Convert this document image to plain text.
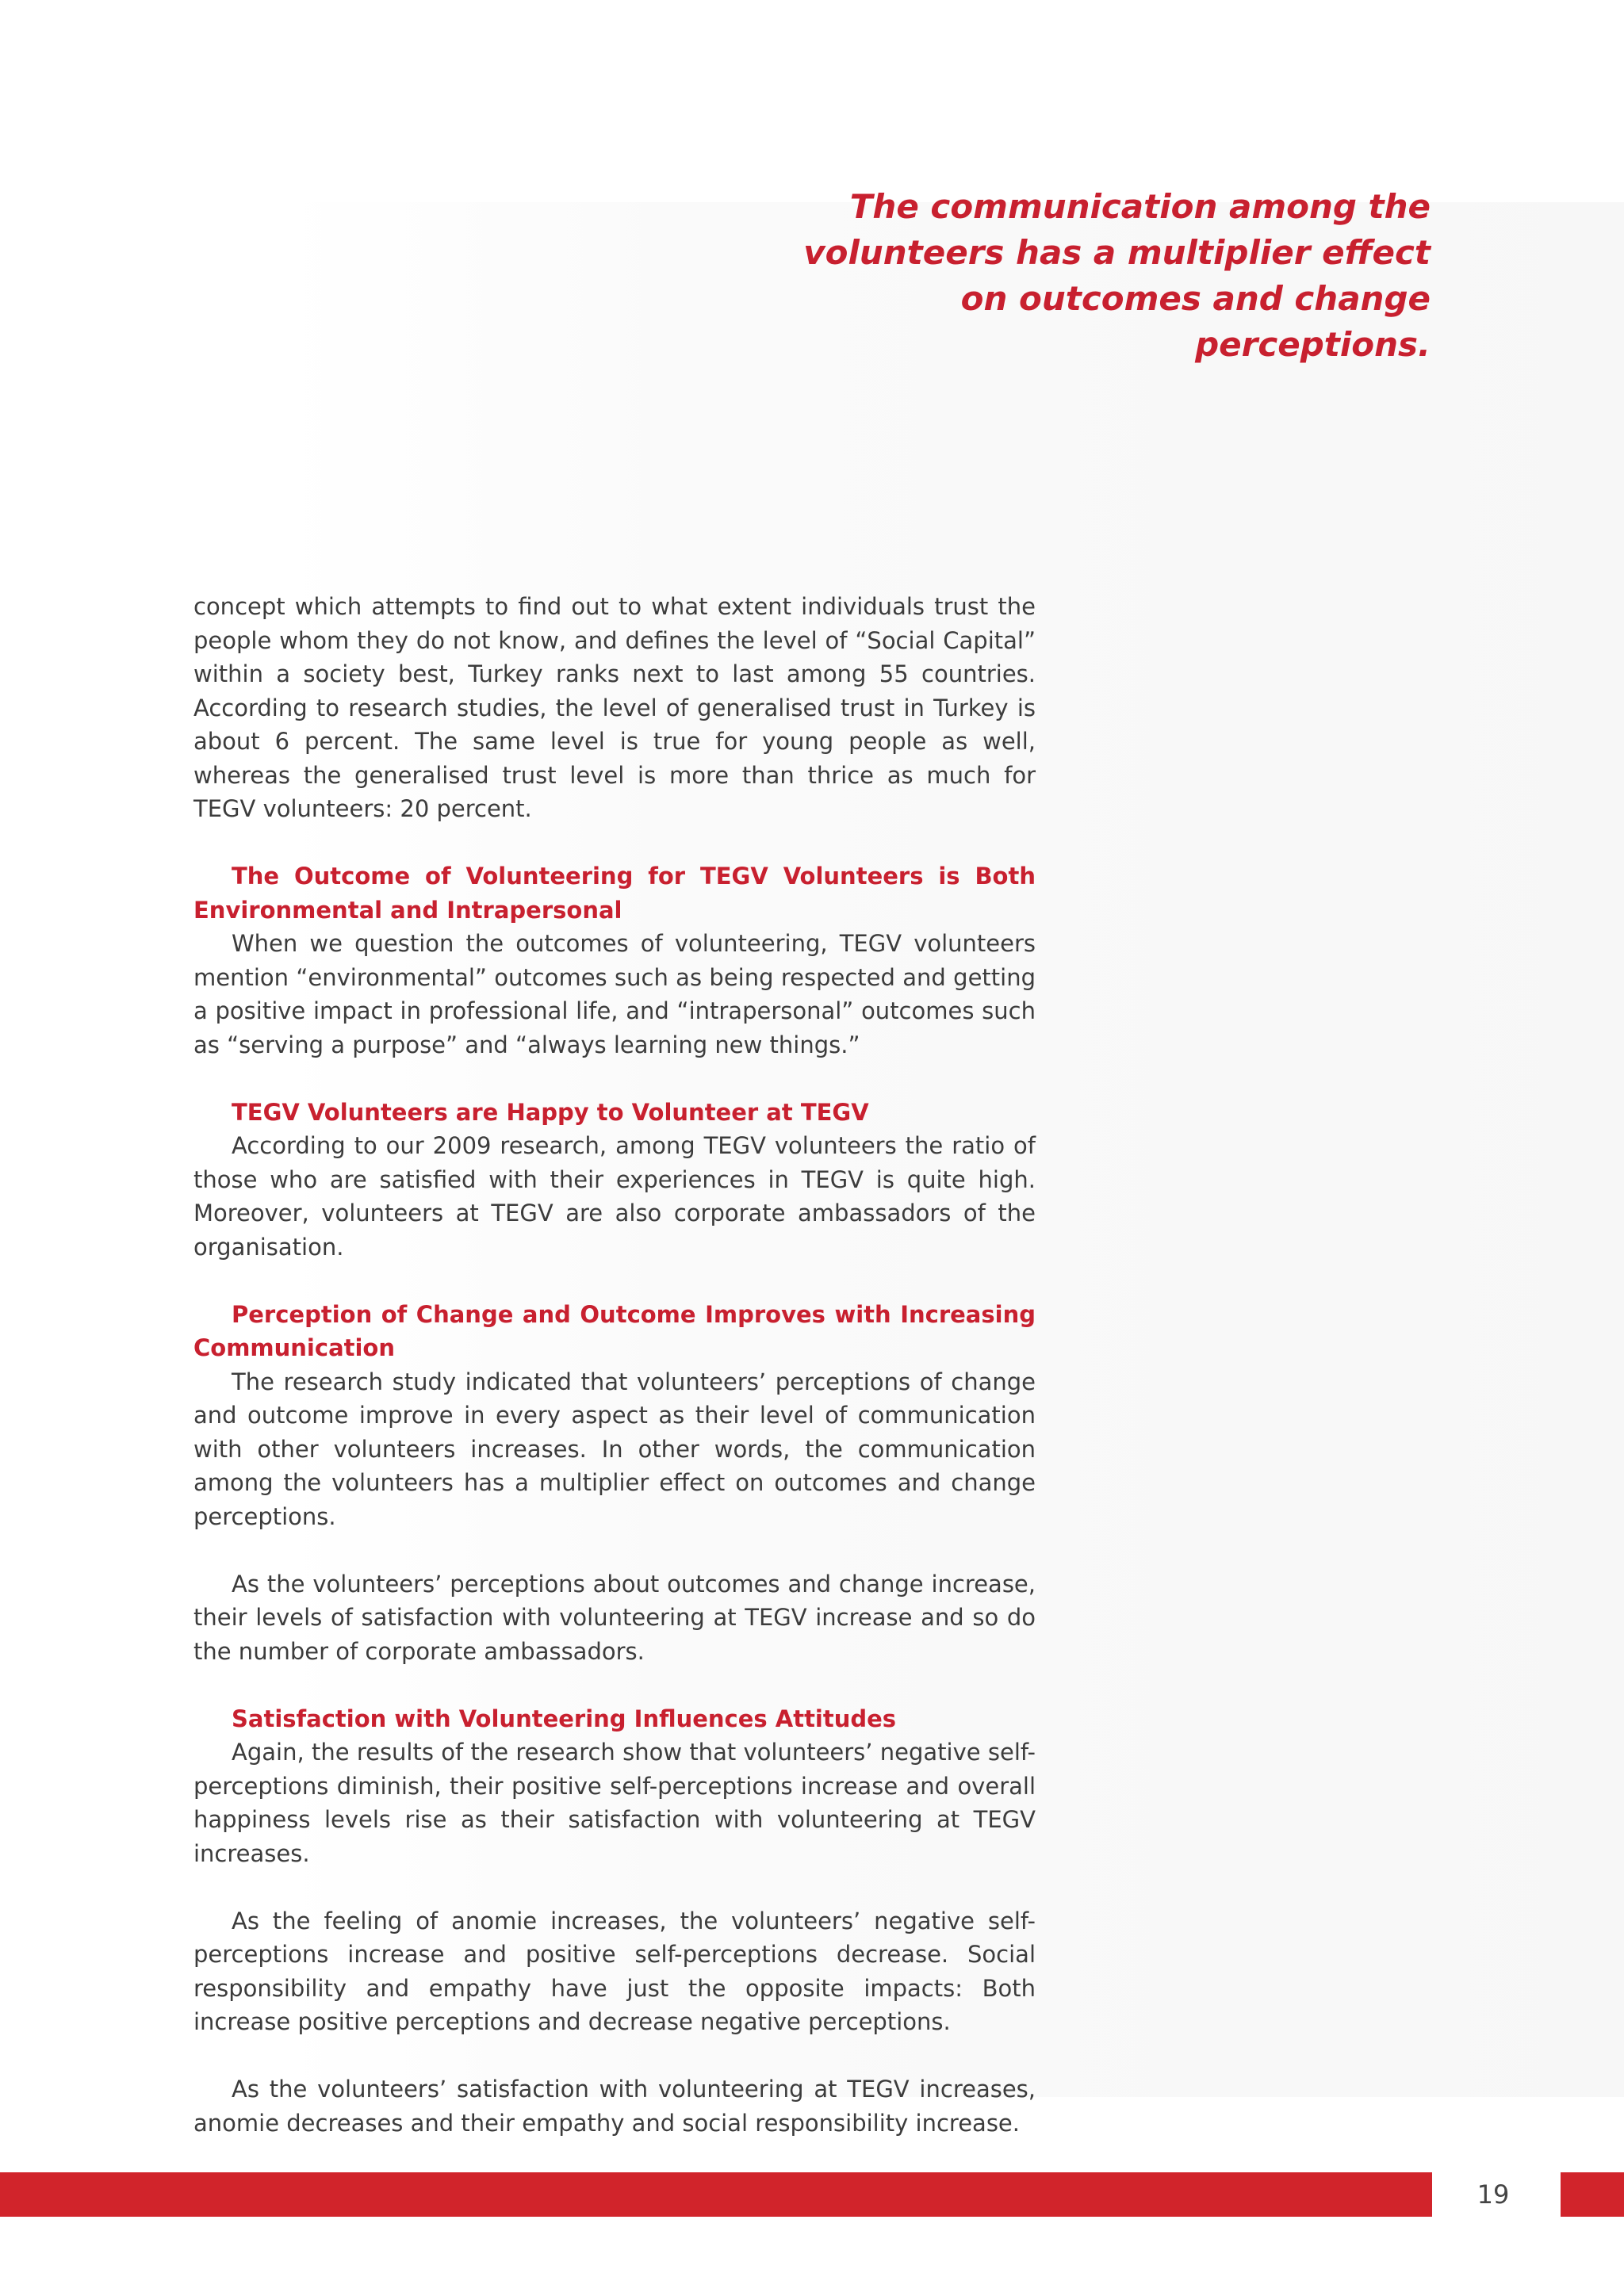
The communication among the
volunteers has a multiplier effect
on outcomes and change
perceptions.

concept which attempts to find out to what extent individuals trust the people whom they do not know, and defines the level of “Social Capital” within a society best, Turkey ranks next to last among 55 countries. According to research studies, the level of generalised trust in Turkey is about 6 percent. The same level is true for young people as well, whereas the generalised trust level is more than thrice as much for TEGV volunteers: 20 percent.

The Outcome of Volunteering for TEGV Volunteers is Both Environmental and Intrapersonal

When we question the outcomes of volunteering, TEGV volunteers mention “environmental” outcomes such as being respected and getting a positive impact in professional life, and “intrapersonal” outcomes such as “serving a purpose” and “always learning new things.”

TEGV Volunteers are Happy to Volunteer at TEGV

According to our 2009 research, among TEGV volunteers the ratio of those who are satisfied with their experiences in TEGV is quite high. Moreover, volunteers at TEGV are also corporate ambassadors of the organisation.

Perception of Change and Outcome Improves with Increasing Communication

The research study indicated that volunteers’ perceptions of change and outcome improve in every aspect as their level of communication with other volunteers increases. In other words, the communication among the volunteers has a multiplier effect on outcomes and change perceptions.

As the volunteers’ perceptions about outcomes and change increase, their levels of satisfaction with volunteering at TEGV increase and so do the number of corporate ambassadors.

Satisfaction with Volunteering Influences Attitudes

Again, the results of the research show that volunteers’ negative self-perceptions diminish, their positive self-perceptions increase and overall happiness levels rise as their satisfaction with volunteering at TEGV increases.

As the feeling of anomie increases, the volunteers’ negative self-perceptions increase and positive self-perceptions decrease. Social responsibility and empathy have just the opposite impacts: Both increase positive perceptions and decrease negative perceptions.

As the volunteers’ satisfaction with volunteering at TEGV increases, anomie decreases and their empathy and social responsibility increase.

19
